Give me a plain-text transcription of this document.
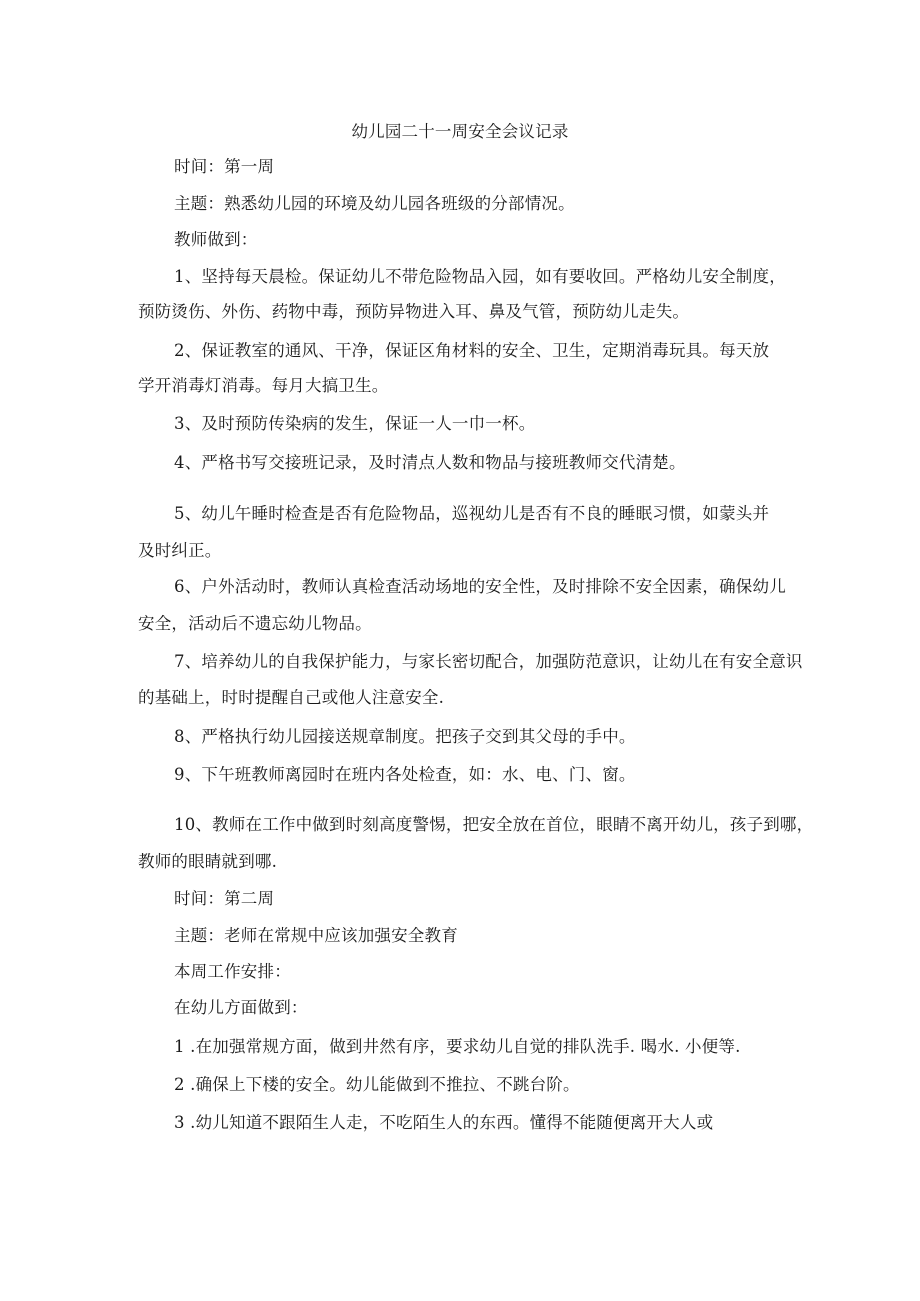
幼儿园二十一周安全会议记录

时间：第一周

主题：熟悉幼儿园的环境及幼儿园各班级的分部情况。

教师做到：

1、坚持每天晨检。保证幼儿不带危险物品入园，如有要收回。严格幼儿安全制度，

预防烫伤、外伤、药物中毒，预防异物进入耳、鼻及气管，预防幼儿走失。

2、保证教室的通风、干净，保证区角材料的安全、卫生，定期消毒玩具。每天放

学开消毒灯消毒。每月大搞卫生。

3、及时预防传染病的发生，保证一人一巾一杯。

4、严格书写交接班记录，及时清点人数和物品与接班教师交代清楚。

5、幼儿午睡时检查是否有危险物品，巡视幼儿是否有不良的睡眠习惯，如蒙头并

及时纠正。

6、户外活动时，教师认真检查活动场地的安全性，及时排除不安全因素，确保幼儿

安全，活动后不遗忘幼儿物品。

7、培养幼儿的自我保护能力，与家长密切配合，加强防范意识，让幼儿在有安全意识

的基础上，时时提醒自己或他人注意安全.

8、严格执行幼儿园接送规章制度。把孩子交到其父母的手中。

9、下午班教师离园时在班内各处检查，如：水、电、门、窗。

10、教师在工作中做到时刻高度警惕，把安全放在首位，眼睛不离开幼儿，孩子到哪，

教师的眼睛就到哪.

时间：第二周

主题：老师在常规中应该加强安全教育

本周工作安排：

在幼儿方面做到：

1 .在加强常规方面，做到井然有序，要求幼儿自觉的排队洗手. 喝水. 小便等.

2 .确保上下楼的安全。幼儿能做到不推拉、不跳台阶。

3 .幼儿知道不跟陌生人走，不吃陌生人的东西。懂得不能随便离开大人或
